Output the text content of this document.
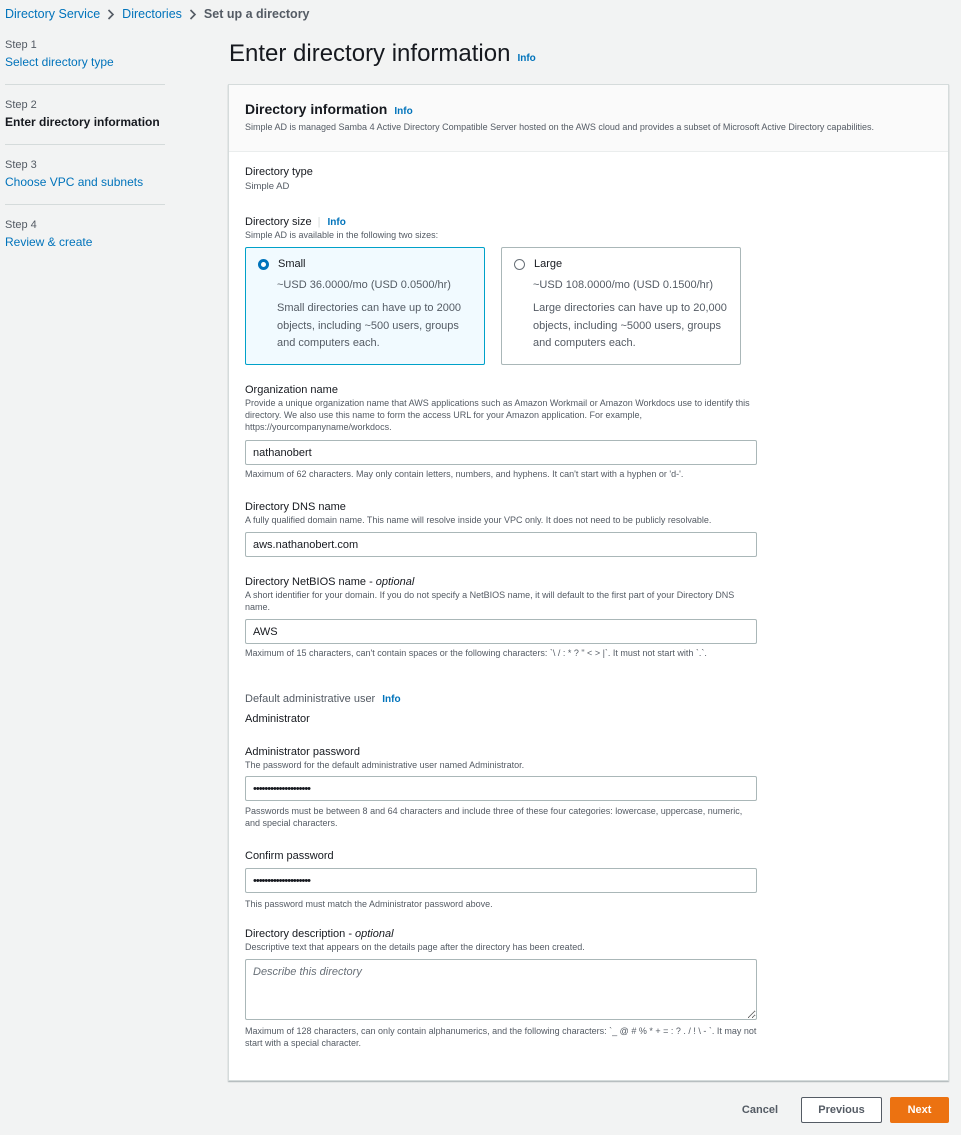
Directory Service Directories Set up a directory
Step 1
Select directory type
Step 2
Enter directory information
Step 3
Choose VPC and subnets
Step 4
Review & create
Enter directory information Info
Directory information Info
Simple AD is managed Samba 4 Active Directory Compatible Server hosted on the AWS cloud and provides a subset of Microsoft Active Directory capabilities.
Directory type
Simple AD
Directory size | Info
Simple AD is available in the following two sizes:
Small
~USD 36.0000/mo (USD 0.0500/hr)
Small directories can have up to 2000 objects, including ~500 users, groups and computers each.
Large
~USD 108.0000/mo (USD 0.1500/hr)
Large directories can have up to 20,000 objects, including ~5000 users, groups and computers each.
Organization name
Provide a unique organization name that AWS applications such as Amazon Workmail or Amazon Workdocs use to identify this directory. We also use this name to form the access URL for your Amazon application. For example, https://yourcompanyname/workdocs.
nathanobert
Maximum of 62 characters. May only contain letters, numbers, and hyphens. It can't start with a hyphen or 'd-'.
Directory DNS name
A fully qualified domain name. This name will resolve inside your VPC only. It does not need to be publicly resolvable.
aws.nathanobert.com
Directory NetBIOS name - optional
A short identifier for your domain. If you do not specify a NetBIOS name, it will default to the first part of your Directory DNS name.
AWS
Maximum of 15 characters, can't contain spaces or the following characters: `\ / : * ? " < > |`. It must not start with `.`.
Default administrative user Info
Administrator
Administrator password
The password for the default administrative user named Administrator.
••••••••••••••••••••
Passwords must be between 8 and 64 characters and include three of these four categories: lowercase, uppercase, numeric, and special characters.
Confirm password
••••••••••••••••••••
This password must match the Administrator password above.
Directory description - optional
Descriptive text that appears on the details page after the directory has been created.
Describe this directory
Maximum of 128 characters, can only contain alphanumerics, and the following characters: `_ @ # % * + = : ? . / ! \ - `. It may not start with a special character.
Cancel	Previous	Next
